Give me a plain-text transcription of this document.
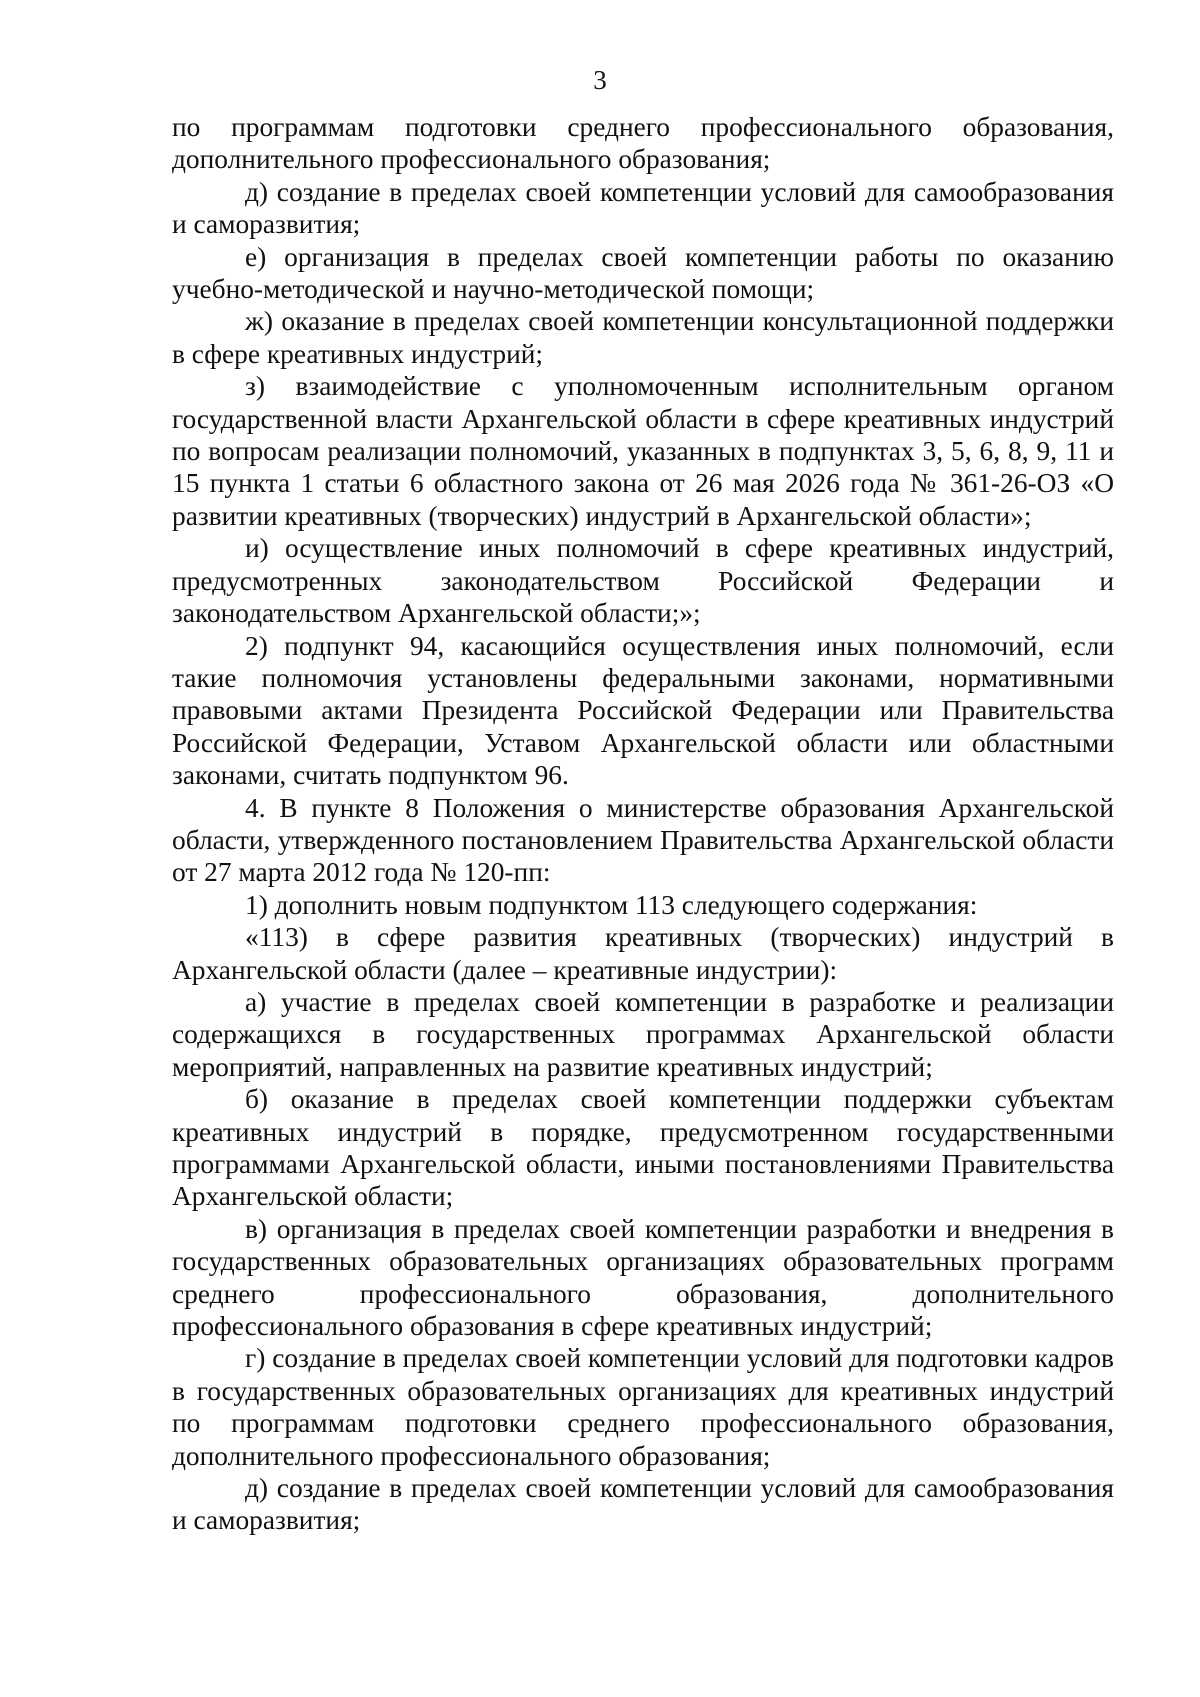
3

по программам подготовки среднего профессионального образования, дополнительного профессионального образования;

д) создание в пределах своей компетенции условий для самообразования и саморазвития;

е) организация в пределах своей компетенции работы по оказанию учебно-методической и научно-методической помощи;

ж) оказание в пределах своей компетенции консультационной поддержки в сфере креативных индустрий;

з) взаимодействие с уполномоченным исполнительным органом государственной власти Архангельской области в сфере креативных индустрий по вопросам реализации полномочий, указанных в подпунктах 3, 5, 6, 8, 9, 11 и 15 пункта 1 статьи 6 областного закона от 26 мая 2026 года № 361-26-ОЗ «О развитии креативных (творческих) индустрий в Архангельской области»;

и) осуществление иных полномочий в сфере креативных индустрий, предусмотренных законодательством Российской Федерации и законодательством Архангельской области;»;

2) подпункт 94, касающийся осуществления иных полномочий, если такие полномочия установлены федеральными законами, нормативными правовыми актами Президента Российской Федерации или Правительства Российской Федерации, Уставом Архангельской области или областными законами, считать подпунктом 96.

4. В пункте 8 Положения о министерстве образования Архангельской области, утвержденного постановлением Правительства Архангельской области от 27 марта 2012 года № 120-пп:

1) дополнить новым подпунктом 113 следующего содержания:

«113) в сфере развития креативных (творческих) индустрий в Архангельской области (далее – креативные индустрии):

а) участие в пределах своей компетенции в разработке и реализации содержащихся в государственных программах Архангельской области мероприятий, направленных на развитие креативных индустрий;

б) оказание в пределах своей компетенции поддержки субъектам креативных индустрий в порядке, предусмотренном государственными программами Архангельской области, иными постановлениями Правительства Архангельской области;

в) организация в пределах своей компетенции разработки и внедрения в государственных образовательных организациях образовательных программ среднего профессионального образования, дополнительного профессионального образования в сфере креативных индустрий;

г) создание в пределах своей компетенции условий для подготовки кадров в государственных образовательных организациях для креативных индустрий по программам подготовки среднего профессионального образования, дополнительного профессионального образования;

д) создание в пределах своей компетенции условий для самообразования и саморазвития;
